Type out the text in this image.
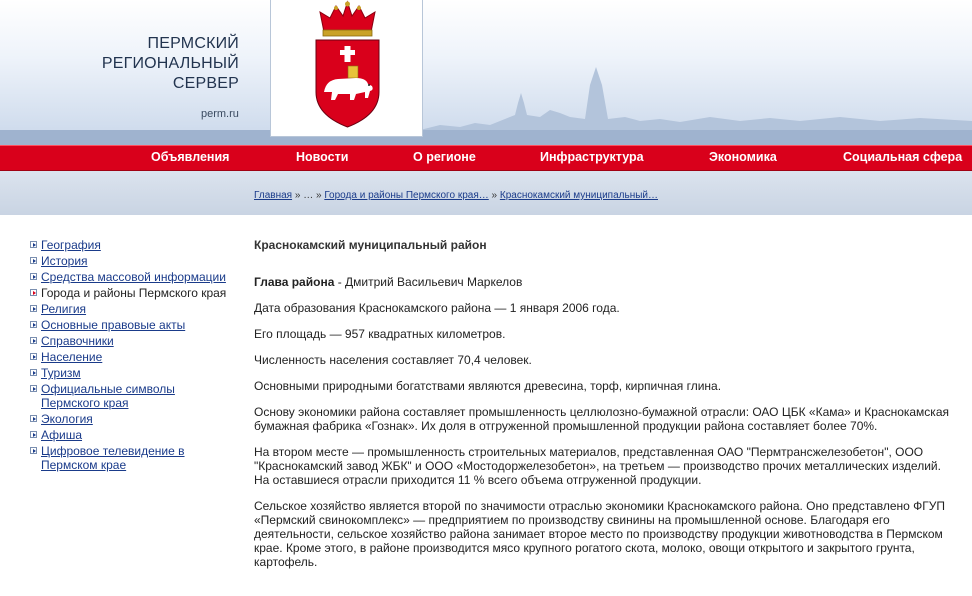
ПЕРМСКИЙ
РЕГИОНАЛЬНЫЙ
СЕРВЕР
perm.ru
Объявления	Новости	О регионе	Инфраструктура	Экономика	Социальная сфера
Главная » … » Города и районы Пермского края… » Краснокамский муниципальный…
География
История
Средства массовой информации
Города и районы Пермского края
Религия
Основные правовые акты
Справочники
Население
Туризм
Официальные символы Пермского края
Экология
Афиша
Цифровое телевидение в Пермском крае
Краснокамский муниципальный район

Глава района - Дмитрий Васильевич Маркелов

Дата образования Краснокамского района — 1 января 2006 года.

Его площадь — 957 квадратных километров.

Численность населения составляет 70,4 человек.

Основными природными богатствами являются древесина, торф, кирпичная глина.

Основу экономики района составляет промышленность целлюлозно-бумажной отрасли: ОАО ЦБК «Кама» и Краснокамская бумажная фабрика «Гознак». Их доля в отгруженной промышленной продукции района составляет более 70%.

На втором месте — промышленность строительных материалов, представленная ОАО "Пермтрансжелезобетон", ООО "Краснокамский завод ЖБК" и ООО «Мостодоржелезобетон», на третьем — производство прочих металлических изделий. На оставшиеся отрасли приходится 11 % всего объема отгруженной продукции.

Сельское хозяйство является второй по значимости отраслью экономики Краснокамского района. Оно представлено ФГУП «Пермский свинокомплекс» — предприятием по производству свинины на промышленной основе. Благодаря его деятельности, сельское хозяйство района занимает второе место по производству продукции животноводства в Пермском крае. Кроме этого, в районе производится мясо крупного рогатого скота, молоко, овощи открытого и закрытого грунта, картофель.
